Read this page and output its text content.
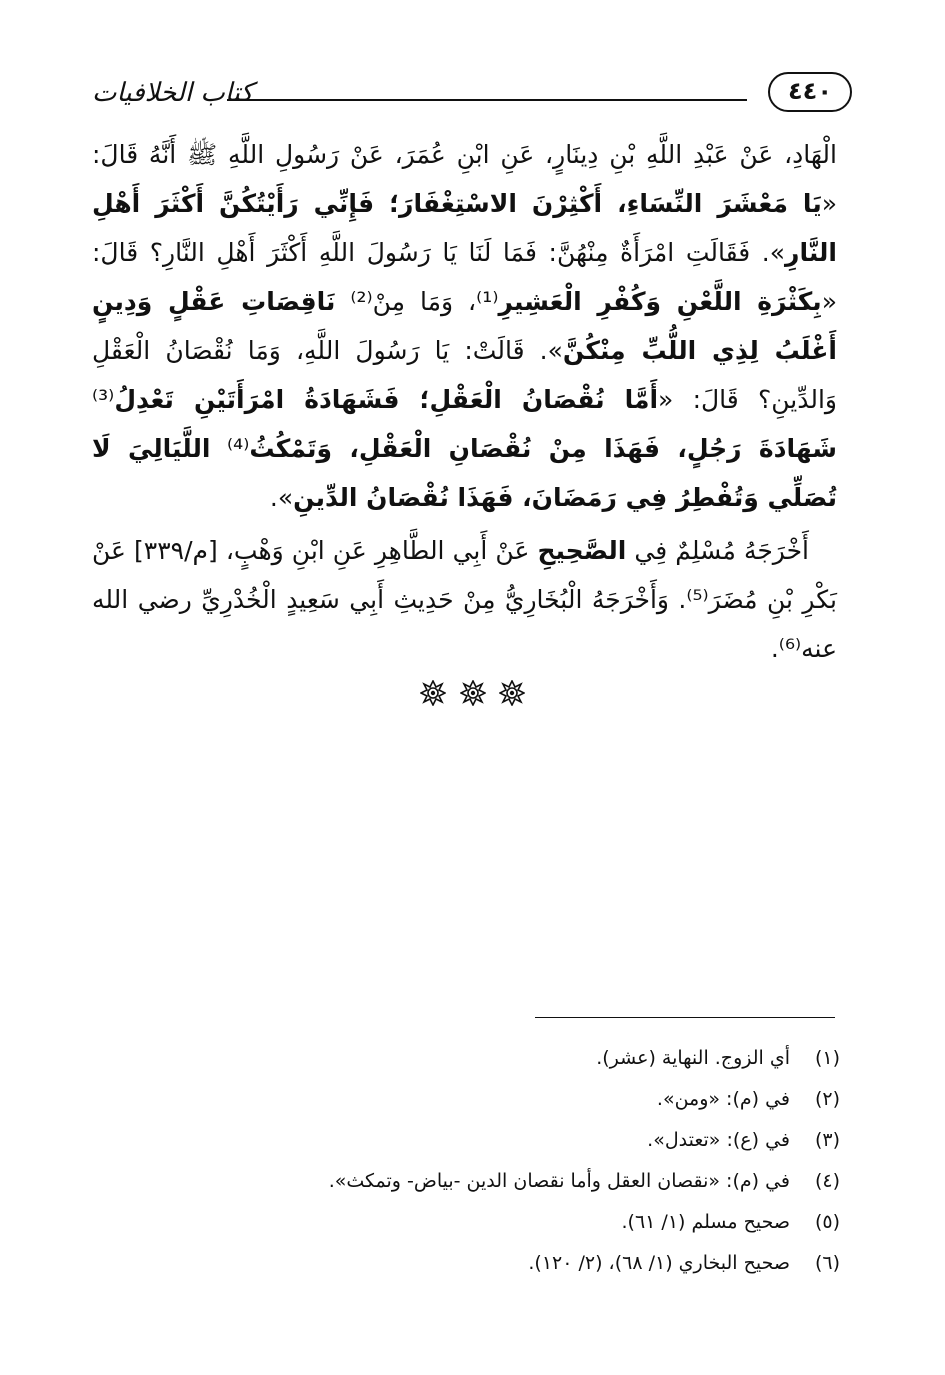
كتاب الخلافيات	٤٤٠

الْهَادِ، عَنْ عَبْدِ اللَّهِ بْنِ دِينَارٍ، عَنِ ابْنِ عُمَرَ، عَنْ رَسُولِ اللَّهِ ﷺ أَنَّهُ قَالَ: «يَا مَعْشَرَ النِّسَاءِ، أَكْثِرْنَ الاسْتِغْفَارَ؛ فَإِنِّي رَأَيْتُكُنَّ أَكْثَرَ أَهْلِ النَّارِ». فَقَالَتِ امْرَأَةٌ مِنْهُنَّ: فَمَا لَنَا يَا رَسُولَ اللَّهِ أَكْثَرَ أَهْلِ النَّارِ؟ قَالَ: «بِكَثْرَةِ اللَّعْنِ وَكُفْرِ الْعَشِيرِ⁽¹⁾، وَمَا مِنْ⁽²⁾ نَاقِصَاتِ عَقْلٍ وَدِينٍ أَغْلَبُ لِذِي اللُّبِّ مِنْكُنَّ». قَالَتْ: يَا رَسُولَ اللَّهِ، وَمَا نُقْصَانُ الْعَقْلِ وَالدِّينِ؟ قَالَ: «أَمَّا نُقْصَانُ الْعَقْلِ؛ فَشَهَادَةُ امْرَأَتَيْنِ تَعْدِلُ⁽³⁾ شَهَادَةَ رَجُلٍ، فَهَذَا مِنْ نُقْصَانِ الْعَقْلِ، وَتَمْكُثُ⁽⁴⁾ اللَّيَالِيَ لَا تُصَلِّي وَتُفْطِرُ فِي رَمَضَانَ، فَهَذَا نُقْصَانُ الدِّينِ».

أَخْرَجَهُ مُسْلِمٌ فِي الصَّحِيحِ عَنْ أَبِي الطَّاهِرِ عَنِ ابْنِ وَهْبٍ، [م/٣٣٩] عَنْ بَكْرِ بْنِ مُضَرَ⁽⁵⁾. وَأَخْرَجَهُ الْبُخَارِيُّ مِنْ حَدِيثِ أَبِي سَعِيدٍ الْخُدْرِيِّ رضي الله عنه⁽⁶⁾.

(١)
أي الزوج. النهاية (عشر).
(٢)
في (م): «ومن».
(٣)
في (ع): «تعتدل».
(٤)
في (م): «نقصان العقل وأما نقصان الدين -بياض- وتمكث».
(٥)
صحيح مسلم (١/ ٦١).
(٦)
صحيح البخاري (١/ ٦٨)، (٢/ ١٢٠).
